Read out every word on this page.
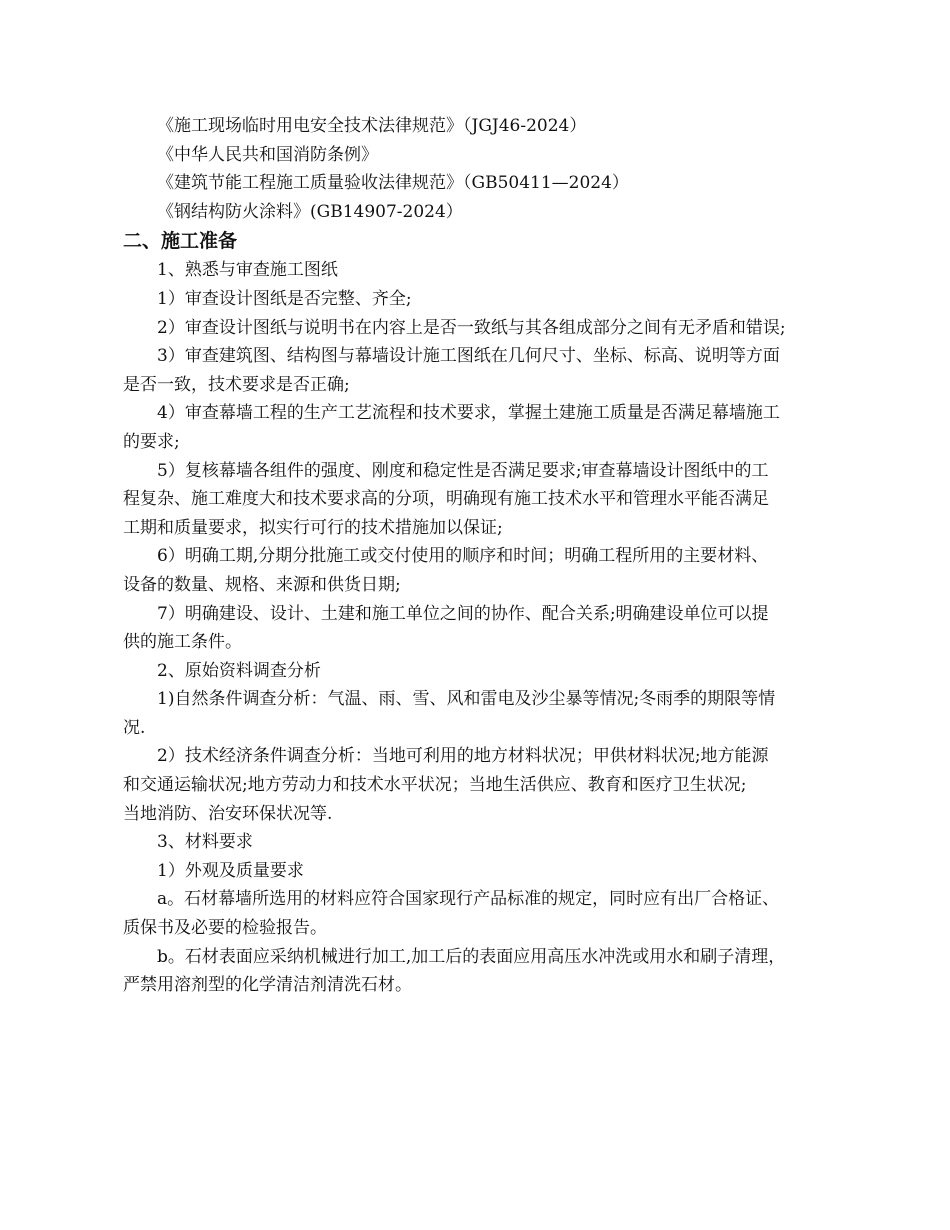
《施工现场临时用电安全技术法律规范》（JGJ46-2024）
《中华人民共和国消防条例》
《建筑节能工程施工质量验收法律规范》（GB50411—2024）
《钢结构防火涂料》(GB14907-2024）
二、施工准备
1、熟悉与审查施工图纸
1）审查设计图纸是否完整、齐全;
2）审查设计图纸与说明书在内容上是否一致纸与其各组成部分之间有无矛盾和错误;
3）审查建筑图、结构图与幕墙设计施工图纸在几何尺寸、坐标、标高、说明等方面
是否一致，技术要求是否正确;
4）审查幕墙工程的生产工艺流程和技术要求，掌握土建施工质量是否满足幕墙施工
的要求;
5）复核幕墙各组件的强度、刚度和稳定性是否满足要求;审查幕墙设计图纸中的工
程复杂、施工难度大和技术要求高的分项，明确现有施工技术水平和管理水平能否满足
工期和质量要求，拟实行可行的技术措施加以保证;
6）明确工期,分期分批施工或交付使用的顺序和时间；明确工程所用的主要材料、
设备的数量、规格、来源和供货日期;
7）明确建设、设计、土建和施工单位之间的协作、配合关系;明确建设单位可以提
供的施工条件。
2、原始资料调查分析
1)自然条件调查分析：气温、雨、雪、风和雷电及沙尘暴等情况;冬雨季的期限等情
况.
2）技术经济条件调查分析：当地可利用的地方材料状况；甲供材料状况;地方能源
和交通运输状况;地方劳动力和技术水平状况；当地生活供应、教育和医疗卫生状况;
当地消防、治安环保状况等.
3、材料要求
1）外观及质量要求
a。石材幕墙所选用的材料应符合国家现行产品标准的规定，同时应有出厂合格证、
质保书及必要的检验报告。
b。石材表面应采纳机械进行加工,加工后的表面应用高压水冲洗或用水和刷子清理，
严禁用溶剂型的化学清洁剂清洗石材。
